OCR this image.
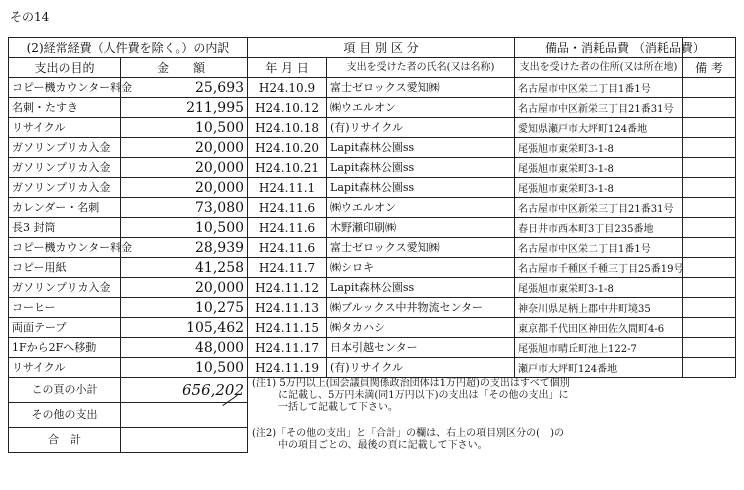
その14
(2)経常経費（人件費を除く。）の内訳		項 目 別 区 分		備品・消耗品費 （消耗品費）	
支出の目的	金　額	年 月 日	支出を受けた者の氏名(又は名称)	支出を受けた者の住所(又は所在地)	備 考
コピー機カウンター料金	25,693	H24.10.9	富士ゼロックス愛知㈱	名古屋市中区栄二丁目1番1号	
名刺・たすき	211,995	H24.10.12	㈱ウエルオン	名古屋市中区新栄三丁目21番31号	
リサイクル	10,500	H24.10.18	(有)リサイクル	愛知県瀬戸市大坪町124番地	
ガソリンプリカ入金	20,000	H24.10.20	Lapit森林公園ss	尾張旭市東栄町3-1-8	
ガソリンプリカ入金	20,000	H24.10.21	Lapit森林公園ss	尾張旭市東栄町3-1-8	
ガソリンプリカ入金	20,000	H24.11.1	Lapit森林公園ss	尾張旭市東栄町3-1-8	
カレンダー・名刺	73,080	H24.11.6	㈱ウエルオン	名古屋市中区新栄三丁目21番31号	
長3 封筒	10,500	H24.11.6	木野瀬印刷㈱	春日井市西本町3丁目235番地	
コピー機カウンター料金	28,939	H24.11.6	富士ゼロックス愛知㈱	名古屋市中区栄二丁目1番1号	
コピー用紙	41,258	H24.11.7	㈱シロキ	名古屋市千種区千種三丁目25番19号	
ガソリンプリカ入金	20,000	H24.11.12	Lapit森林公園ss	尾張旭市東栄町3-1-8	
コーヒー	10,275	H24.11.13	㈱ブルックス中井物流センター	神奈川県足柄上郡中井町境35	
両面テープ	105,462	H24.11.15	㈱タカハシ	東京都千代田区神田佐久間町4-6	
1Fから2Fへ移動	48,000	H24.11.17	日本引越センター	尾張旭市晴丘町池上122-7	
リサイクル	10,500	H24.11.19	(有)リサイクル	瀬戸市大坪町124番地	
この頁の小計	656,202	(注1) 5万円以上(国会議員関係政治団体は1万円超)の支出はすべて個別
に記載し、5万円未満(同1万円以下)の支出は「その他の支出」に
一括して記載して下さい。
(注2)「その他の支出」と「合計」の欄は、右上の項目別区分の(　)の
中の項目ごとの、最後の頁に記載して下さい。			

その他の支出					
合　計					
